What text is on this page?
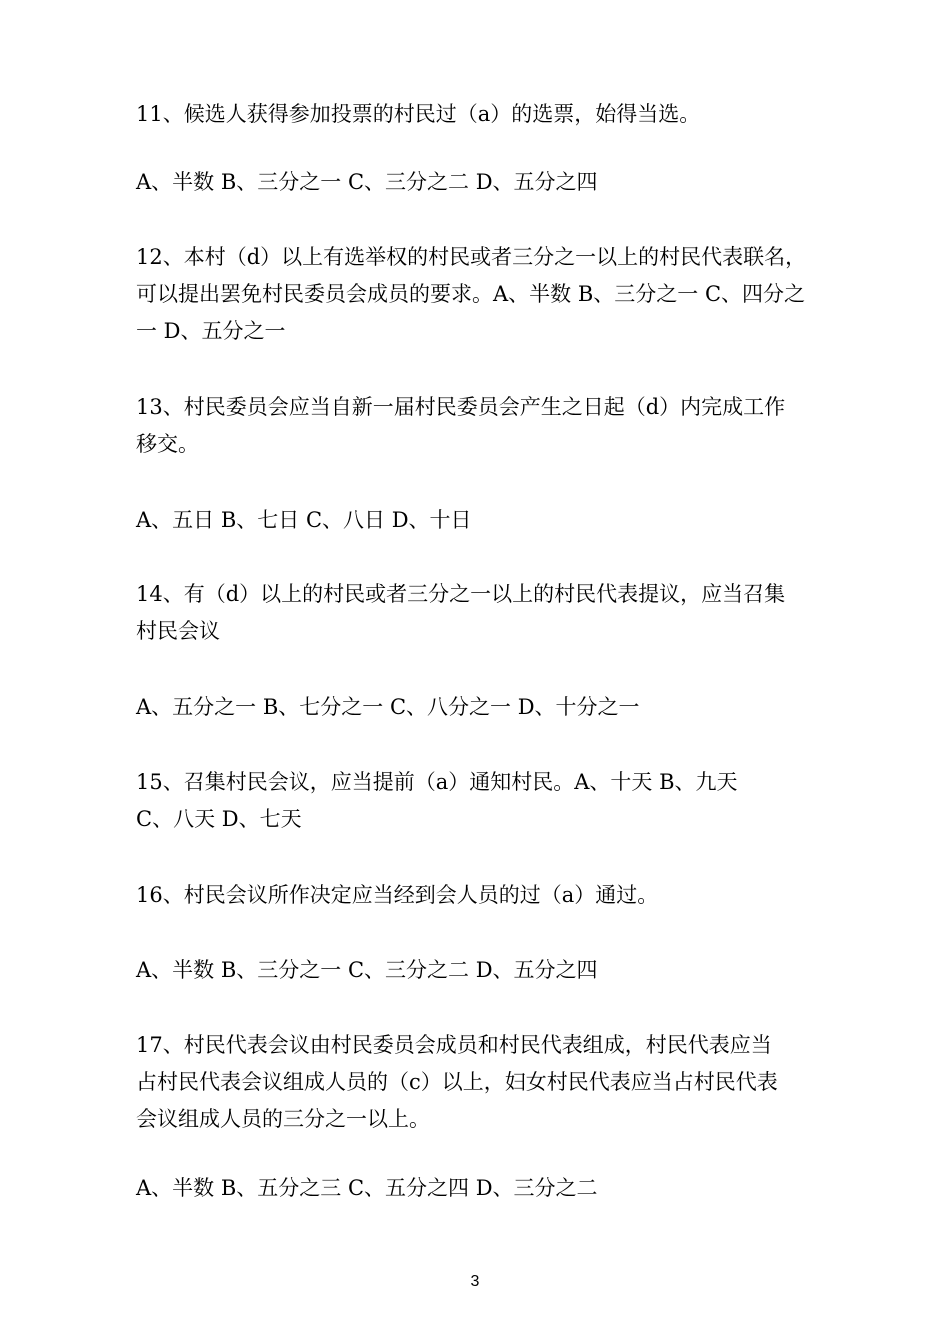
11、候选人获得参加投票的村民过（a）的选票，始得当选。
A、半数 B、三分之一 C、三分之二 D、五分之四
12、本村（d）以上有选举权的村民或者三分之一以上的村民代表联名，
可以提出罢免村民委员会成员的要求。A、半数 B、三分之一 C、四分之
一 D、五分之一
13、村民委员会应当自新一届村民委员会产生之日起（d）内完成工作
移交。
A、五日 B、七日 C、八日 D、十日
14、有（d）以上的村民或者三分之一以上的村民代表提议，应当召集
村民会议
A、五分之一 B、七分之一 C、八分之一 D、十分之一
15、召集村民会议，应当提前（a）通知村民。A、十天 B、九天
C、八天 D、七天
16、村民会议所作决定应当经到会人员的过（a）通过。
A、半数 B、三分之一 C、三分之二 D、五分之四
17、村民代表会议由村民委员会成员和村民代表组成，村民代表应当
占村民代表会议组成人员的（c）以上，妇女村民代表应当占村民代表
会议组成人员的三分之一以上。
A、半数 B、五分之三 C、五分之四 D、三分之二
3
